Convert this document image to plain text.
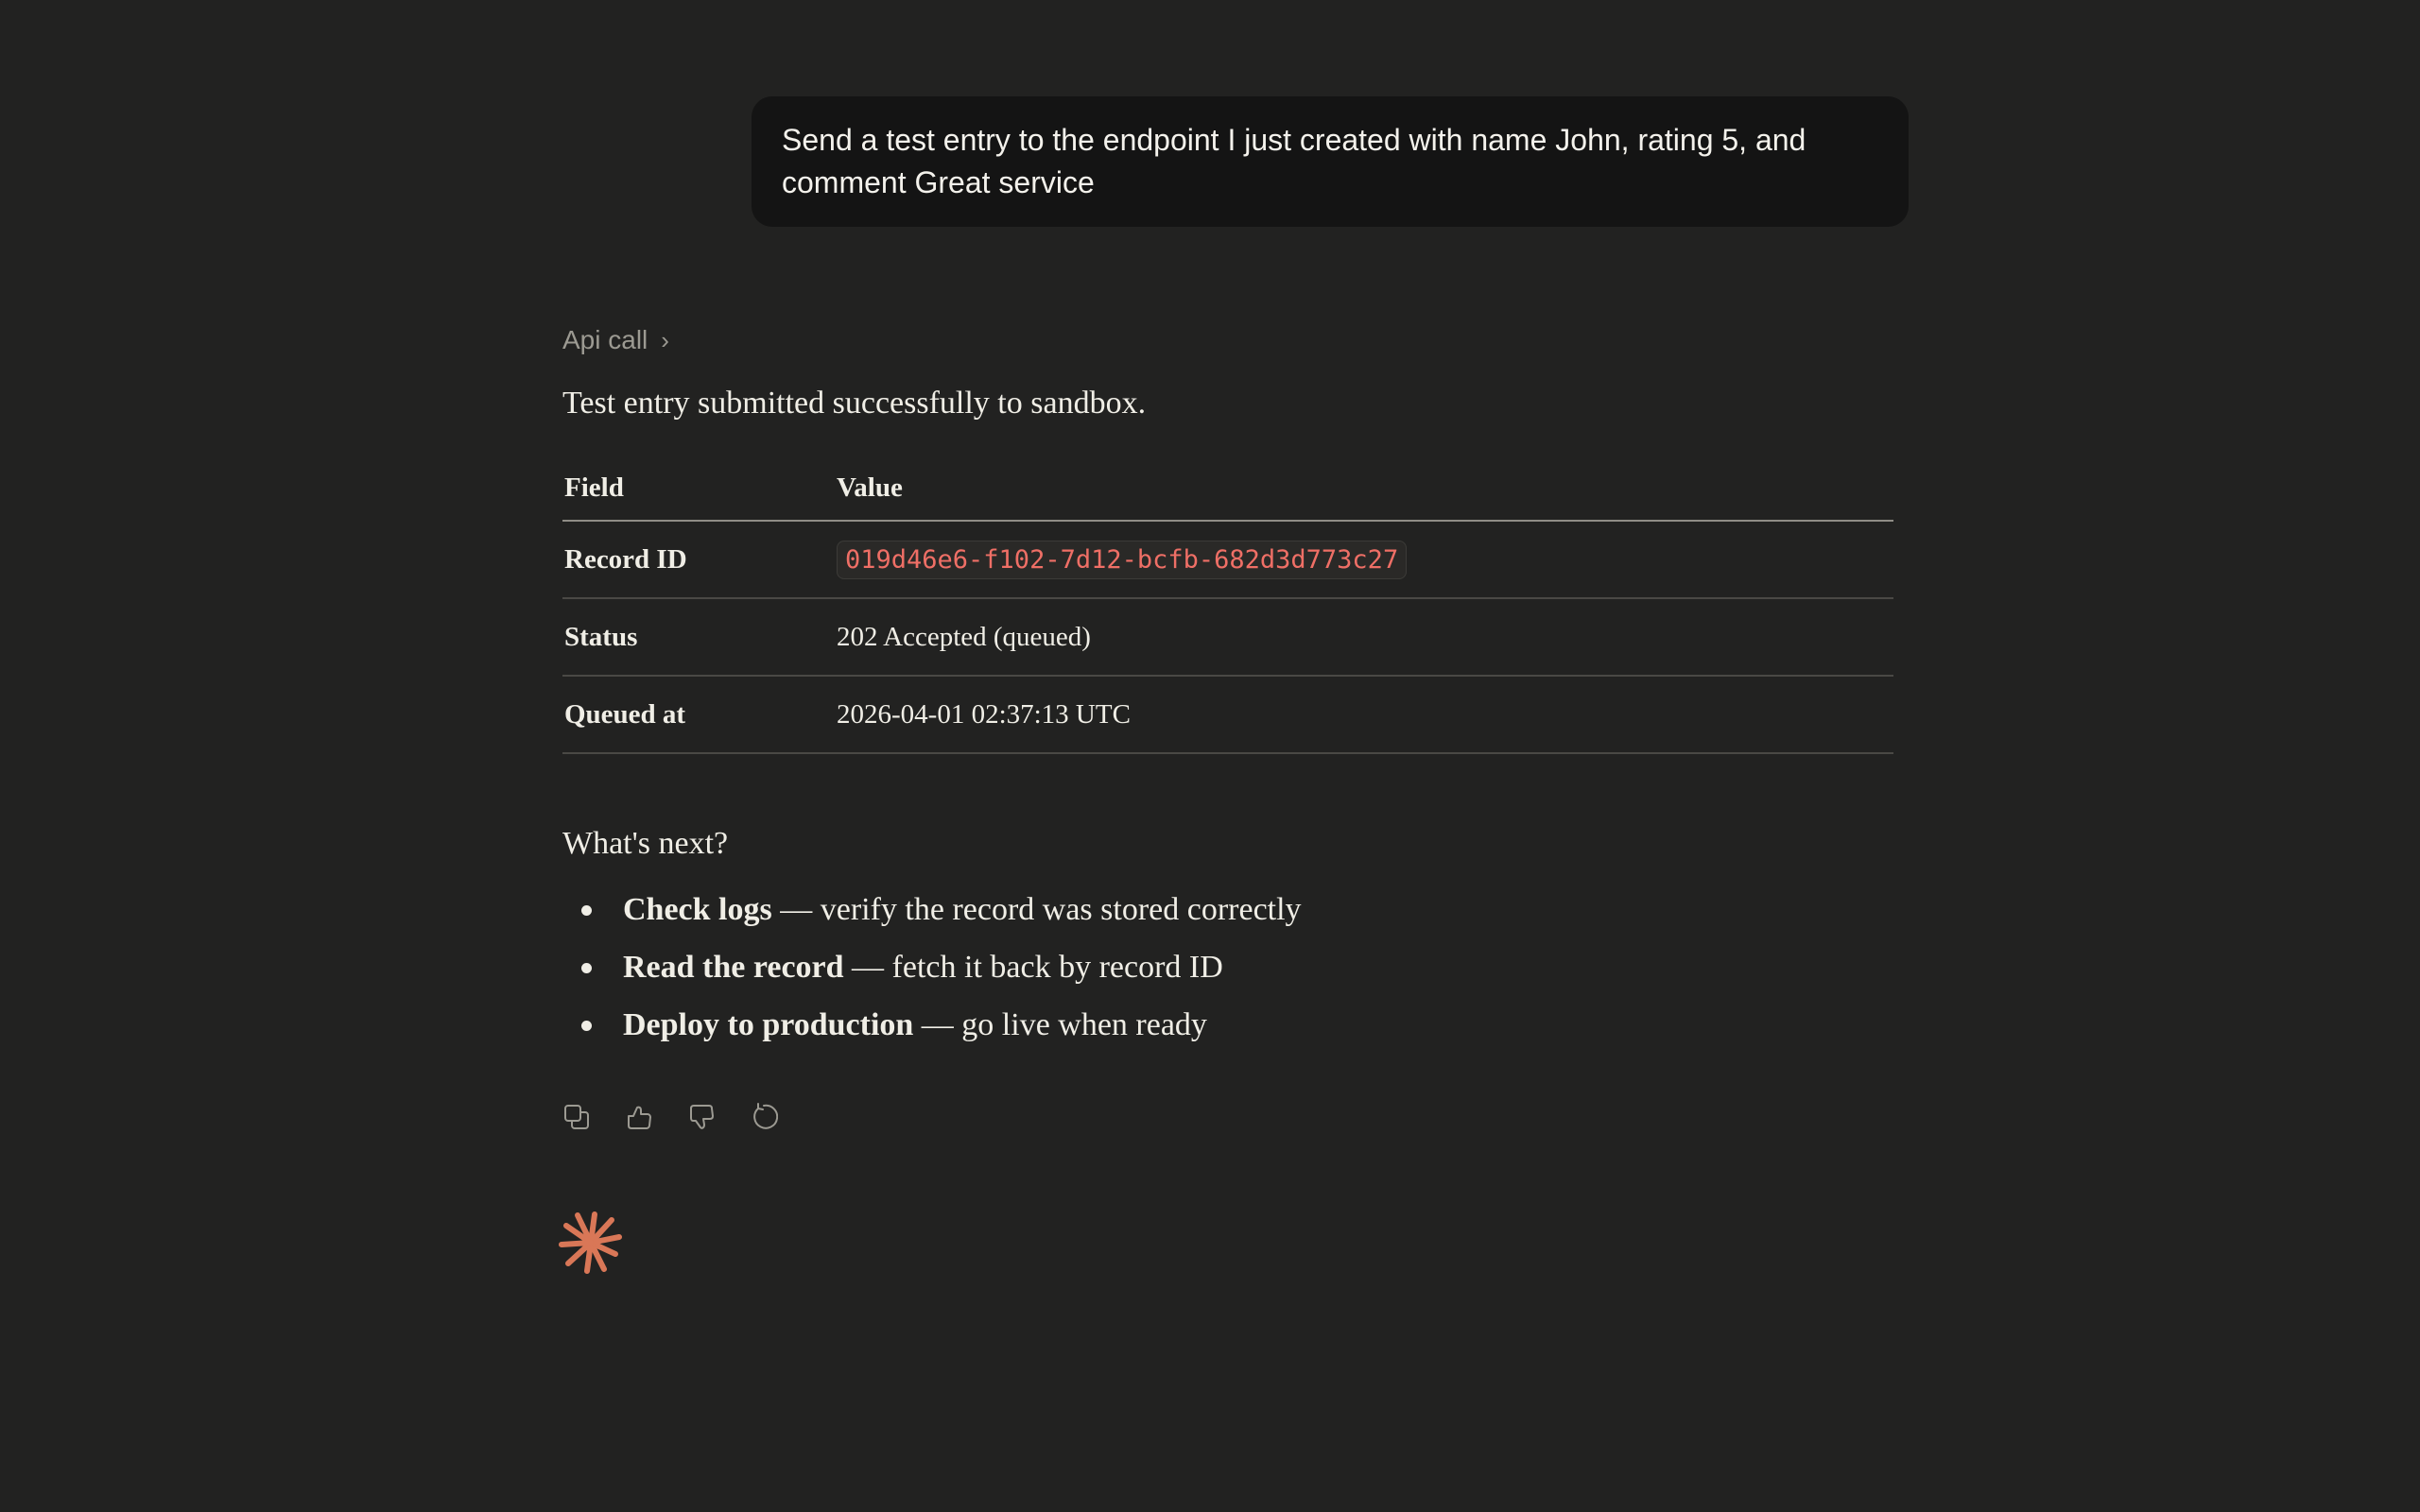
Send a test entry to the endpoint I just created with name John, rating 5, and comment Great service
Api call ›
Test entry submitted successfully to sandbox.
Field	Value
Record ID	019d46e6-f102-7d12-bcfb-682d3d773c27
Status	202 Accepted (queued)
Queued at	2026-04-01 02:37:13 UTC
What's next?
Check logs — verify the record was stored correctly
Read the record — fetch it back by record ID
Deploy to production — go live when ready
